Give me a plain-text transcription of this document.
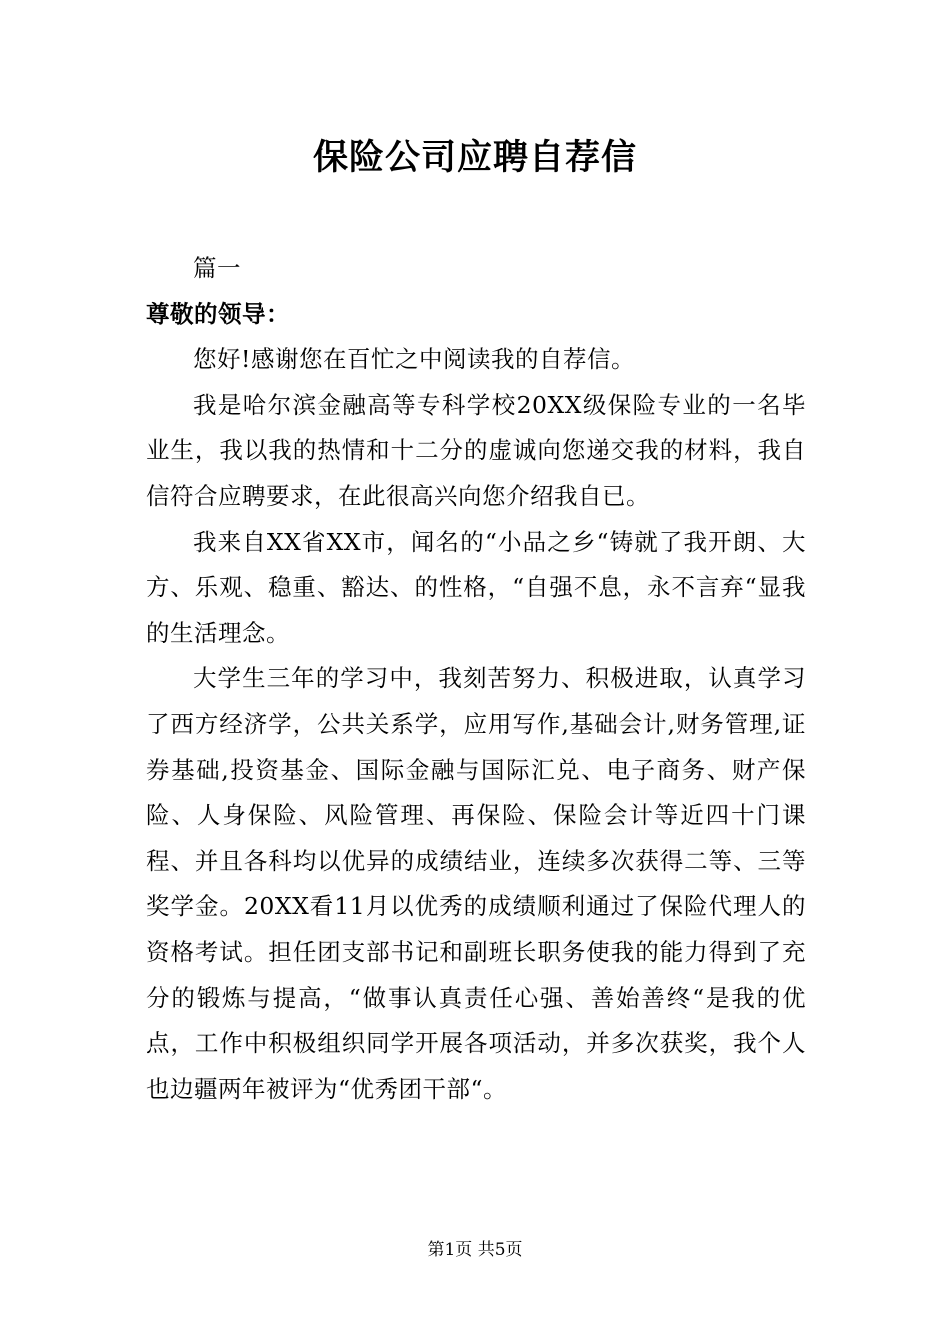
保险公司应聘自荐信

篇一

尊敬的领导：

您好!感谢您在百忙之中阅读我的自荐信。

我是哈尔滨金融高等专科学校20XX级保险专业的一名毕业生，我以我的热情和十二分的虚诚向您递交我的材料，我自信符合应聘要求，在此很高兴向您介绍我自已。

我来自XX省XX市，闻名的“小品之乡“铸就了我开朗、大方、乐观、稳重、豁达、的性格，“自强不息，永不言弃“显我的生活理念。

大学生三年的学习中，我刻苦努力、积极进取，认真学习了西方经济学，公共关系学，应用写作,基础会计,财务管理,证券基础,投资基金、国际金融与国际汇兑、电子商务、财产保险、人身保险、风险管理、再保险、保险会计等近四十门课程、并且各科均以优异的成绩结业，连续多次获得二等、三等奖学金。20XX看11月以优秀的成绩顺利通过了保险代理人的资格考试。担任团支部书记和副班长职务使我的能力得到了充分的锻炼与提高，“做事认真责任心强、善始善终“是我的优点，工作中积极组织同学开展各项活动，并多次获奖，我个人也边疆两年被评为“优秀团干部“。

第1页 共5页
